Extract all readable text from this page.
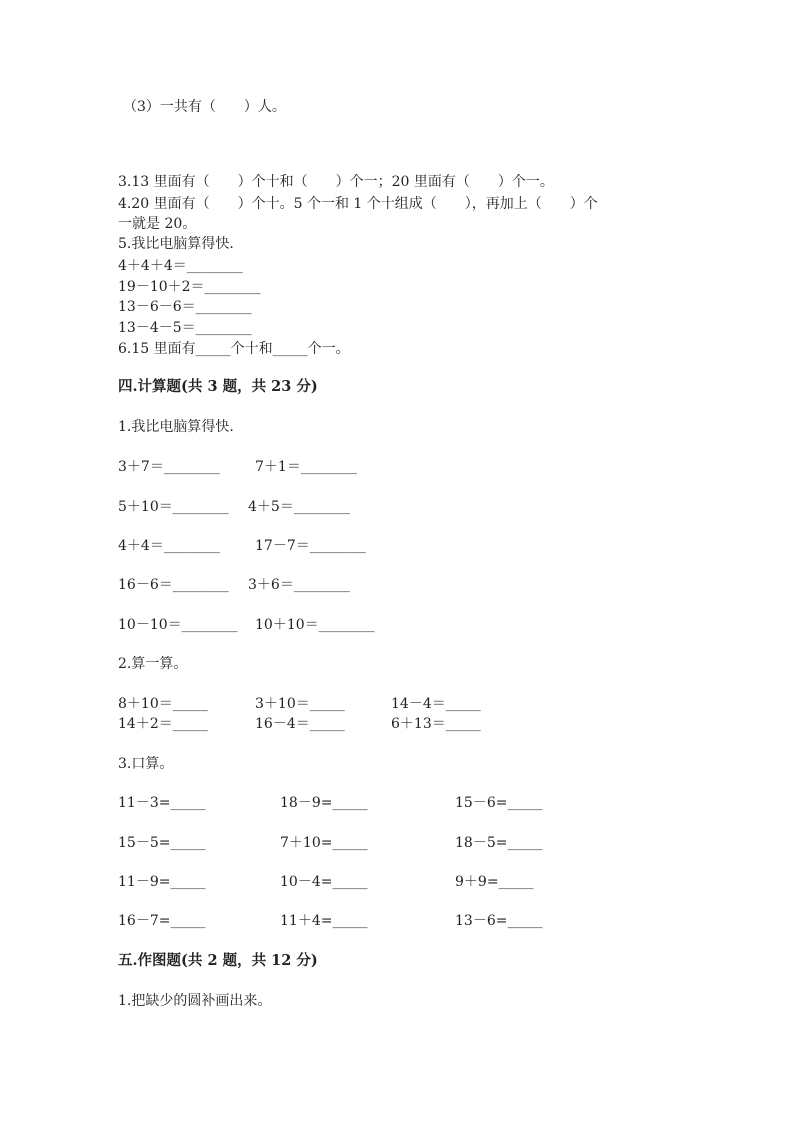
（3）一共有（　　）人。
3.13 里面有（　　）个十和（　　）个一；20 里面有（　　）个一。
4.20 里面有（　　）个十。5 个一和 1 个十组成（　　），再加上（　　）个
一就是 20。
5.我比电脑算得快.
4＋4＋4＝________
19－10＋2＝________
13－6－6＝________
13－4－5＝________
6.15 里面有_____个十和_____个一。
四.计算题(共 3 题，共 23 分)
1.我比电脑算得快.
3＋7＝________	7＋1＝________
5＋10＝________ 4＋5＝________
4＋4＝________	17－7＝________
16－6＝________ 3＋6＝________
10－10＝________ 10＋10＝________
2.算一算。
8＋10＝_____	3＋10＝_____	14－4＝_____
14＋2＝_____	16－4＝_____	6＋13＝_____
3.口算。
11－3=_____	18－9=_____	15－6=_____
15－5=_____	7＋10=_____	18－5=_____
11－9=_____	10－4=_____	9＋9=_____
16－7=_____	11＋4=_____	13－6=_____
五.作图题(共 2 题，共 12 分)
1.把缺少的圆补画出来。
